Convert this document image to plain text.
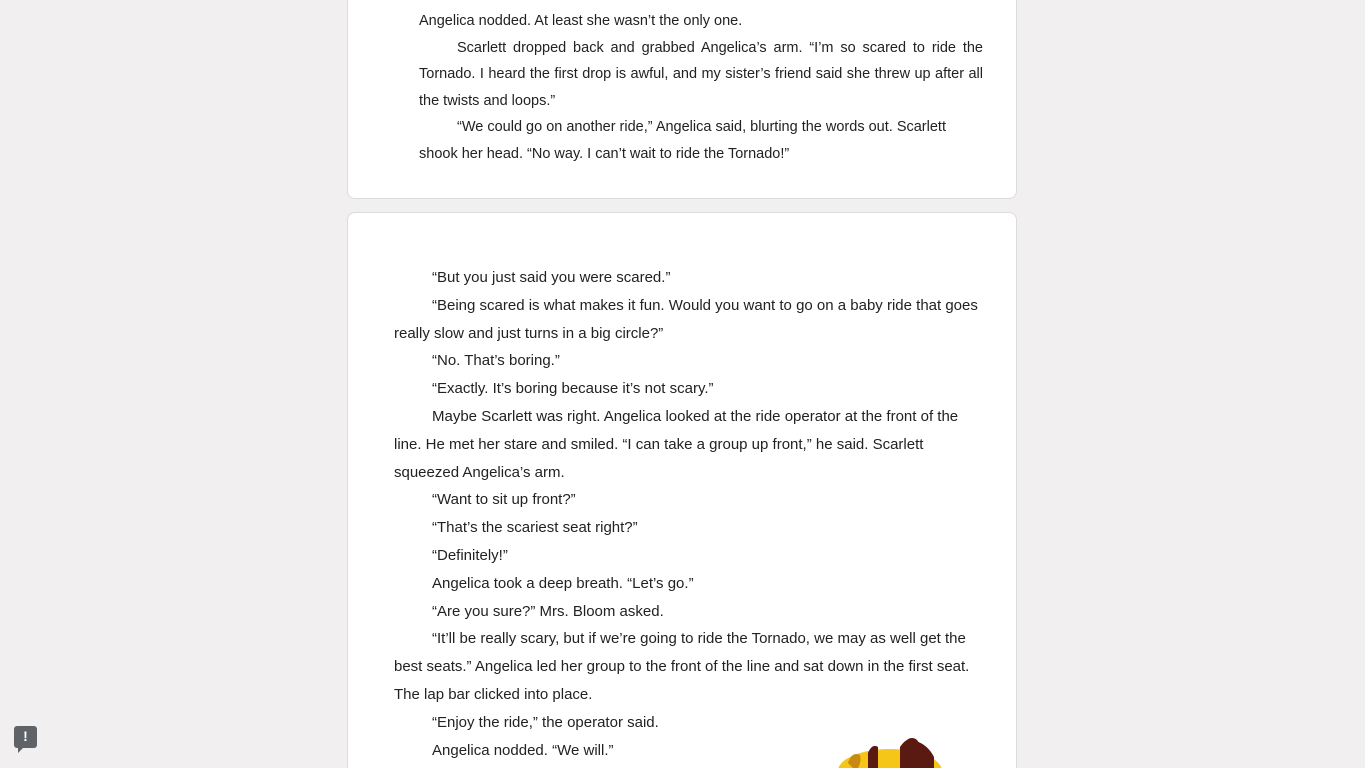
Angelica nodded. At least she wasn’t the only one.

Scarlett dropped back and grabbed Angelica’s arm. “I’m so scared to ride the Tornado. I heard the first drop is awful, and my sister’s friend said she threw up after all the twists and loops.”

“We could go on another ride,” Angelica said, blurting the words out. Scarlett shook her head. “No way. I can’t wait to ride the Tornado!”

“But you just said you were scared.”

“Being scared is what makes it fun. Would you want to go on a baby ride that goes really slow and just turns in a big circle?”

“No. That’s boring.”

“Exactly. It’s boring because it’s not scary.”

Maybe Scarlett was right. Angelica looked at the ride operator at the front of the line. He met her stare and smiled. “I can take a group up front,” he said. Scarlett squeezed Angelica’s arm.

“Want to sit up front?”

“That’s the scariest seat right?”

“Definitely!”

Angelica took a deep breath. “Let’s go.”

“Are you sure?” Mrs. Bloom asked.

“It’ll be really scary, but if we’re going to ride the Tornado, we may as well get the best seats.” Angelica led her group to the front of the line and sat down in the first seat. The lap bar clicked into place.

“Enjoy the ride,” the operator said.

Angelica nodded. “We will.”

!
